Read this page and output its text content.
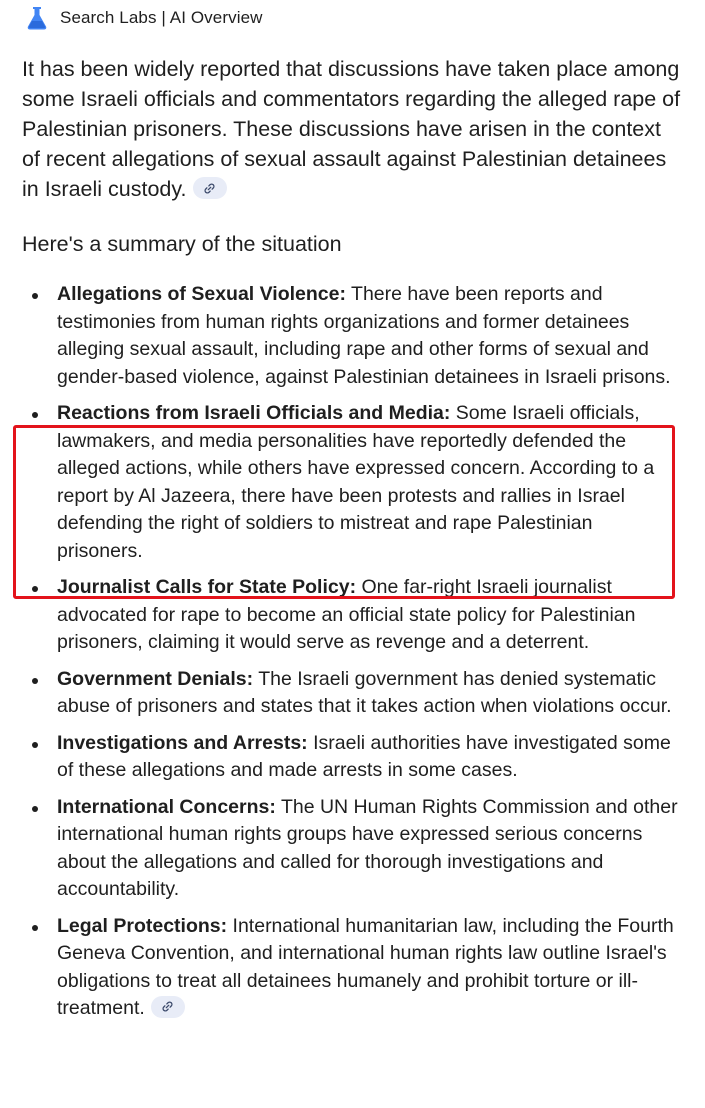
Search Labs | AI Overview

It has been widely reported that discussions have taken place among some Israeli officials and commentators regarding the alleged rape of Palestinian prisoners. These discussions have arisen in the context of recent allegations of sexual assault against Palestinian detainees in Israeli custody.

Here's a summary of the situation

Allegations of Sexual Violence: There have been reports and testimonies from human rights organizations and former detainees alleging sexual assault, including rape and other forms of sexual and gender-based violence, against Palestinian detainees in Israeli prisons.
Reactions from Israeli Officials and Media: Some Israeli officials, lawmakers, and media personalities have reportedly defended the alleged actions, while others have expressed concern. According to a report by Al Jazeera, there have been protests and rallies in Israel defending the right of soldiers to mistreat and rape Palestinian prisoners.
Journalist Calls for State Policy: One far-right Israeli journalist advocated for rape to become an official state policy for Palestinian prisoners, claiming it would serve as revenge and a deterrent.
Government Denials: The Israeli government has denied systematic abuse of prisoners and states that it takes action when violations occur.
Investigations and Arrests: Israeli authorities have investigated some of these allegations and made arrests in some cases.
International Concerns: The UN Human Rights Commission and other international human rights groups have expressed serious concerns about the allegations and called for thorough investigations and accountability.
Legal Protections: International humanitarian law, including the Fourth Geneva Convention, and international human rights law outline Israel's obligations to treat all detainees humanely and prohibit torture or ill-treatment.
